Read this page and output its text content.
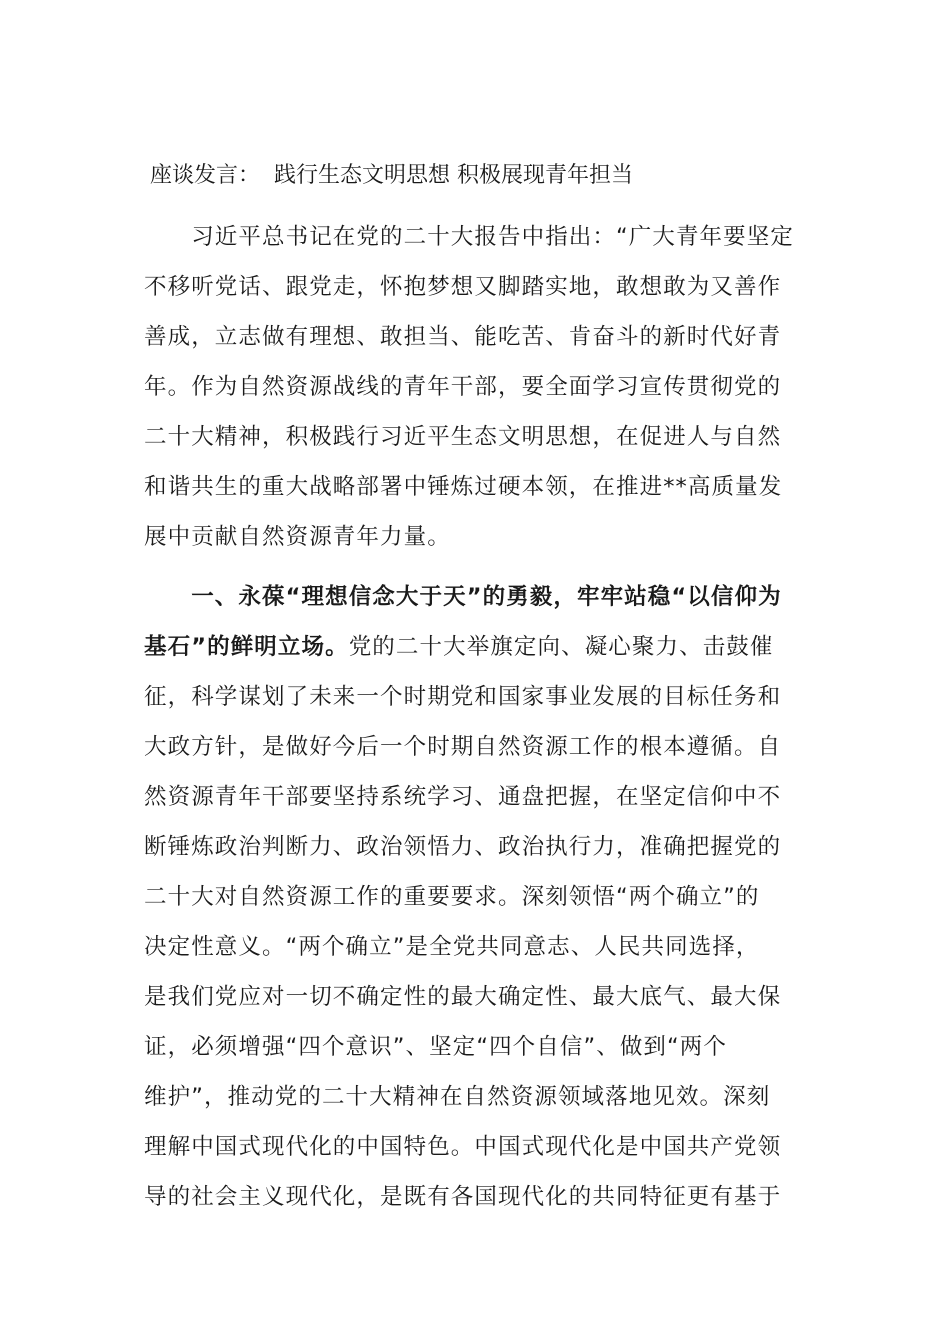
座谈发言：  践行生态文明思想 积极展现青年担当
　　习近平总书记在党的二十大报告中指出：“广大青年要坚定
不移听党话、跟党走，怀抱梦想又脚踏实地，敢想敢为又善作
善成，立志做有理想、敢担当、能吃苦、肯奋斗的新时代好青
年。作为自然资源战线的青年干部，要全面学习宣传贯彻党的
二十大精神，积极践行习近平生态文明思想，在促进人与自然
和谐共生的重大战略部署中锤炼过硬本领，在推进**高质量发
展中贡献自然资源青年力量。
　　一、永葆“理想信念大于天”的勇毅，牢牢站稳“以信仰为
基石”的鲜明立场。党的二十大举旗定向、凝心聚力、击鼓催
征，科学谋划了未来一个时期党和国家事业发展的目标任务和
大政方针，是做好今后一个时期自然资源工作的根本遵循。自
然资源青年干部要坚持系统学习、通盘把握，在坚定信仰中不
断锤炼政治判断力、政治领悟力、政治执行力，准确把握党的
二十大对自然资源工作的重要要求。深刻领悟“两个确立”的
决定性意义。“两个确立”是全党共同意志、人民共同选择，
是我们党应对一切不确定性的最大确定性、最大底气、最大保
证，必须增强“四个意识”、坚定“四个自信”、做到“两个
维护”，推动党的二十大精神在自然资源领域落地见效。深刻
理解中国式现代化的中国特色。中国式现代化是中国共产党领
导的社会主义现代化，是既有各国现代化的共同特征更有基于
